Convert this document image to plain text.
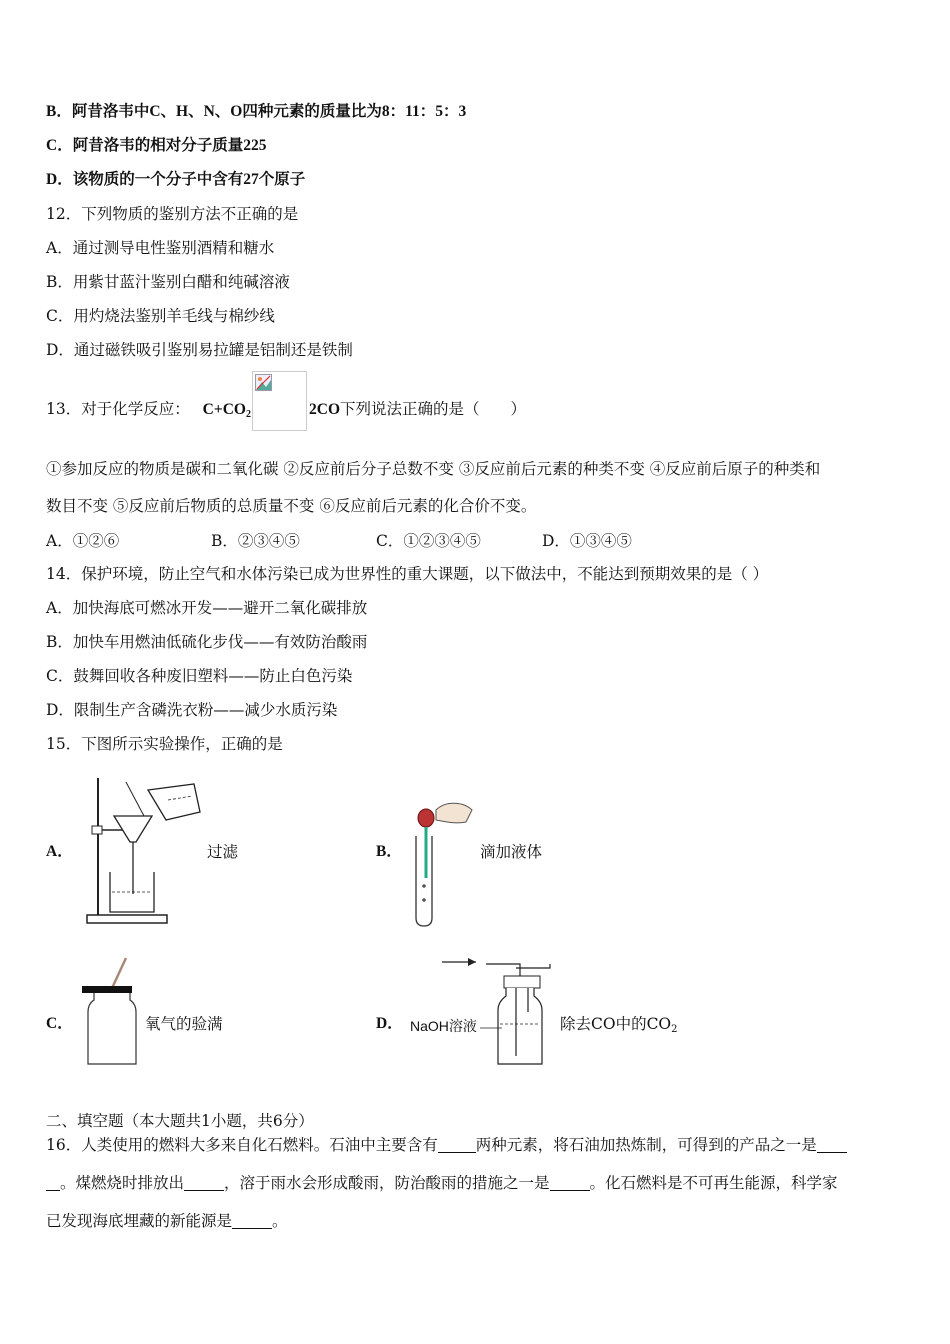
B．阿昔洛韦中C、H、N、O四种元素的质量比为8：11：5：3
C．阿昔洛韦的相对分子质量225
D．该物质的一个分子中含有27个原子
12．下列物质的鉴别方法不正确的是
A．通过测导电性鉴别酒精和糖水
B．用紫甘蓝汁鉴别白醋和纯碱溶液
C．用灼烧法鉴别羊毛线与棉纱线
D．通过磁铁吸引鉴别易拉罐是铝制还是铁制
13．对于化学反应： $C+CO_2$	2CO下列说法正确的是（　　）
①参加反应的物质是碳和二氧化碳 ②反应前后分子总数不变 ③反应前后元素的种类不变 ④反应前后原子的种类和
数目不变 ⑤反应前后物质的总质量不变 ⑥反应前后元素的化合价不变。
A．①②⑥	B．②③④⑤	C．①②③④⑤	D．①③④⑤
14．保护环境，防止空气和水体污染已成为世界性的重大课题，以下做法中，不能达到预期效果的是（ ）
A．加快海底可燃冰开发——避开二氧化碳排放
B．加快车用燃油低硫化步伐——有效防治酸雨
C．鼓舞回收各种废旧塑料——防止白色污染
D．限制生产含磷洗衣粉——减少水质污染
15．下图所示实验操作，正确的是
A．	过滤	B．	滴加液体
C．	氧气的验满	D． NaOH溶液	除去CO中的$CO_2$
二、填空题（本大题共1小题，共6分）
16．人类使用的燃料大多来自化石燃料。石油中主要含有 两种元素，将石油加热炼制，可得到的产品之一是
。煤燃烧时排放出	，溶于雨水会形成酸雨，防治酸雨的措施之一是	。化石燃料是不可再生能源，科学家
已发现海底埋藏的新能源是	。
